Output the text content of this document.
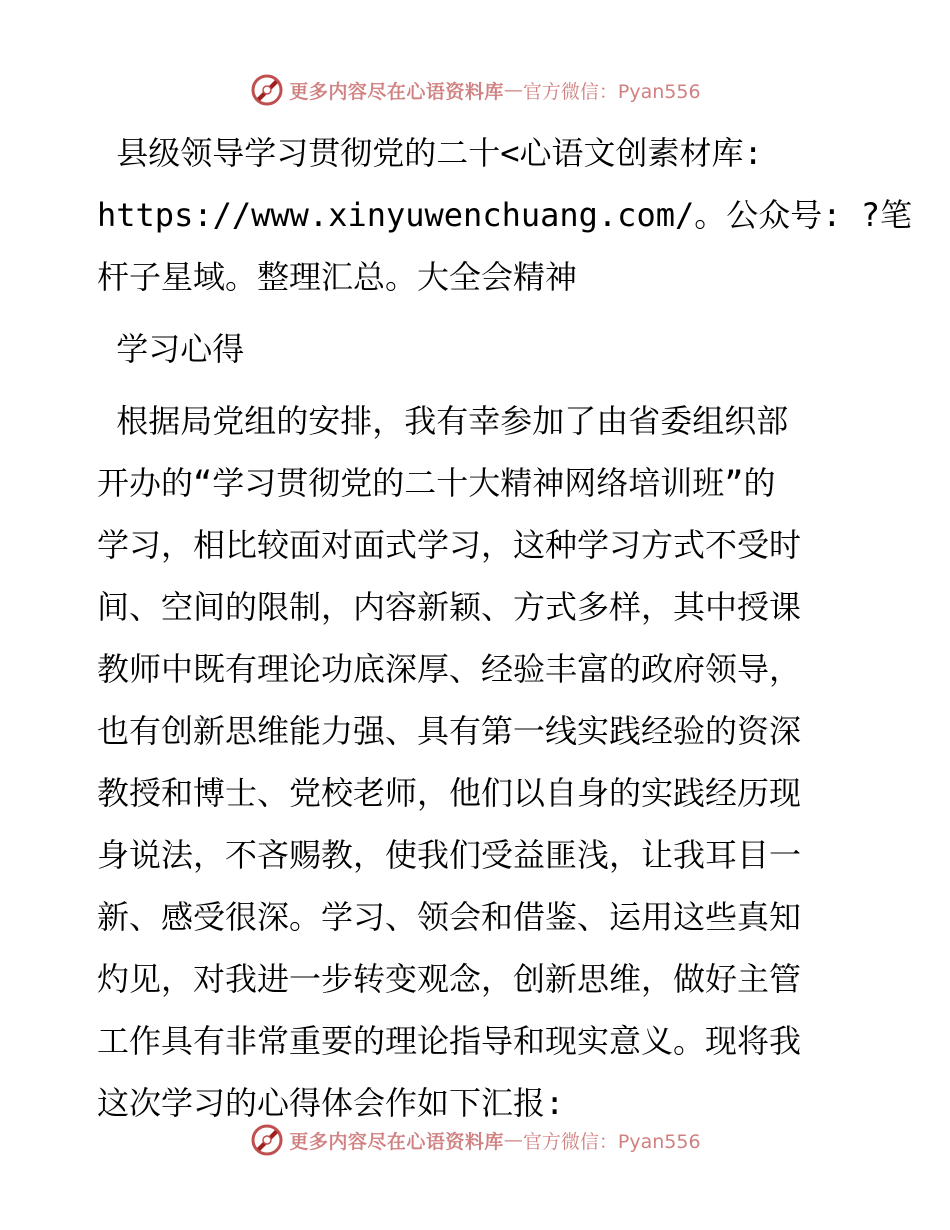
更多内容尽在心语资料库 — 官方微信：Pyan556
县级领导学习贯彻党的二十<心语文创素材库:
https://www.xinyuwenchuang.com/。公众号: ?笔
杆子星域。整理汇总。大全会精神
学习心得
根据局党组的安排，我有幸参加了由省委组织部
开办的“学习贯彻党的二十大精神网络培训班”的
学习，相比较面对面式学习，这种学习方式不受时
间、空间的限制，内容新颖、方式多样，其中授课
教师中既有理论功底深厚、经验丰富的政府领导，
也有创新思维能力强、具有第一线实践经验的资深
教授和博士、党校老师，他们以自身的实践经历现
身说法，不吝赐教，使我们受益匪浅，让我耳目一
新、感受很深。学习、领会和借鉴、运用这些真知
灼见，对我进一步转变观念，创新思维，做好主管
工作具有非常重要的理论指导和现实意义。现将我
这次学习的心得体会作如下汇报:
更多内容尽在心语资料库 — 官方微信：Pyan556
